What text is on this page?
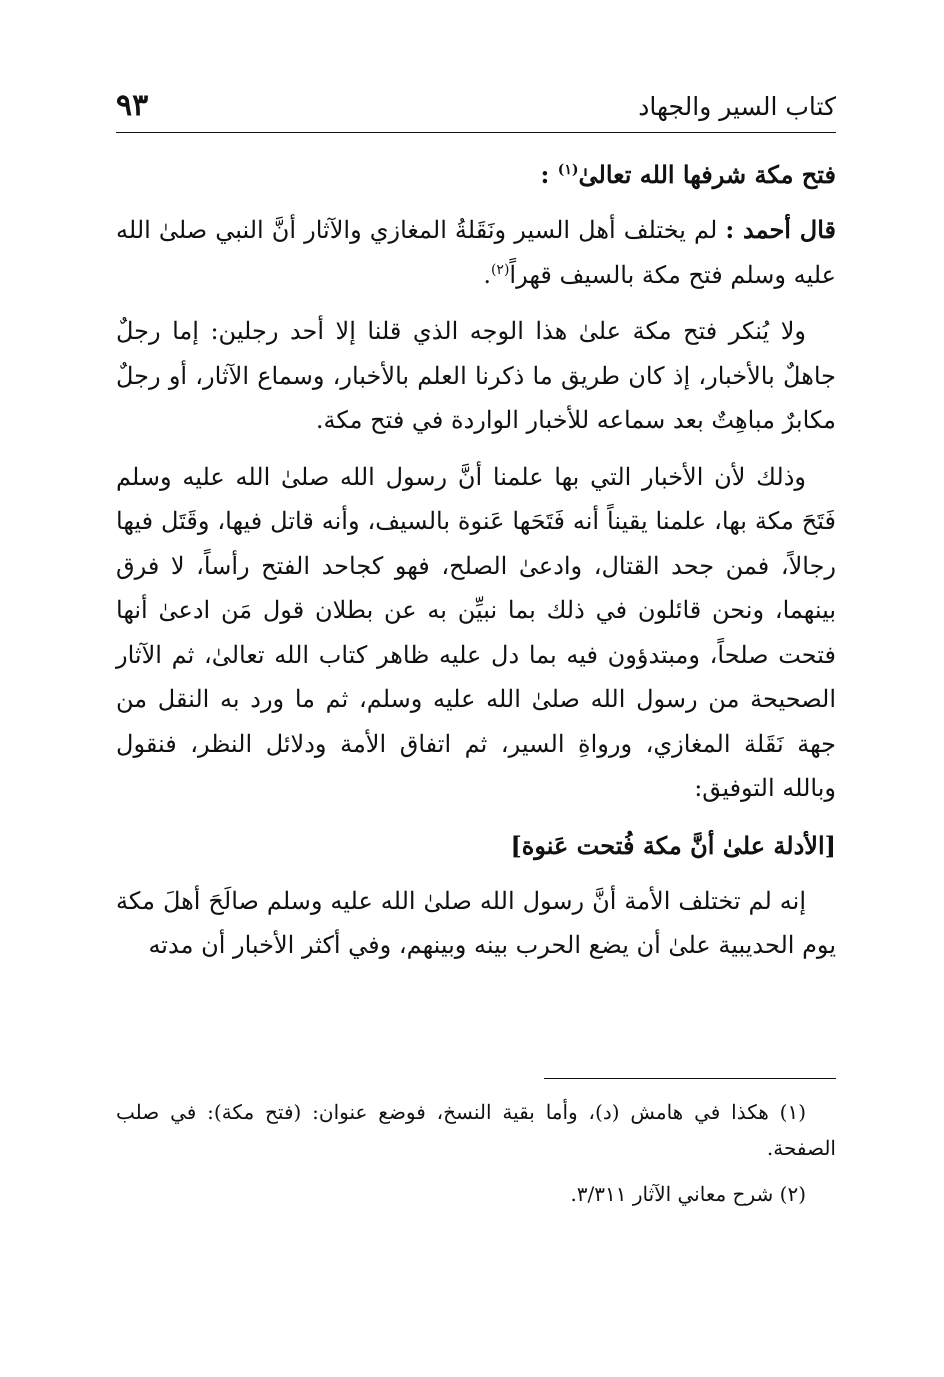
كتاب السير والجهاد
٩٣
فتح مكة شرفها الله تعالىٰ$^{(١)}$ :

قال أحمد : لم يختلف أهل السير ونَقَلةُ المغازي والآثار أنَّ النبي صلىٰ الله عليه وسلم فتح مكة بالسيف قهراً$^{(٢)}$.

ولا يُنكر فتح مكة علىٰ هذا الوجه الذي قلنا إلا أحد رجلين: إما رجلٌ جاهلٌ بالأخبار، إذ كان طريق ما ذكرنا العلم بالأخبار، وسماع الآثار، أو رجلٌ مكابرٌ مباهِتٌ بعد سماعه للأخبار الواردة في فتح مكة.

وذلك لأن الأخبار التي بها علمنا أنَّ رسول الله صلىٰ الله عليه وسلم فَتَحَ مكة بها، علمنا يقيناً أنه فَتَحَها عَنوة بالسيف، وأنه قاتل فيها، وقَتَل فيها رجالاً، فمن جحد القتال، وادعىٰ الصلح، فهو كجاحد الفتح رأساً، لا فرق بينهما، ونحن قائلون في ذلك بما نبيِّن به عن بطلان قول مَن ادعىٰ أنها فتحت صلحاً، ومبتدؤون فيه بما دل عليه ظاهر كتاب الله تعالىٰ، ثم الآثار الصحيحة من رسول الله صلىٰ الله عليه وسلم، ثم ما ورد به النقل من جهة نَقَلة المغازي، ورواةِ السير، ثم اتفاق الأمة ودلائل النظر، فنقول وبالله التوفيق:

[الأدلة علىٰ أنَّ مكة فُتحت عَنوة]

إنه لم تختلف الأمة أنَّ رسول الله صلىٰ الله عليه وسلم صالَحَ أهلَ مكة يوم الحديبية علىٰ أن يضع الحرب بينه وبينهم، وفي أكثر الأخبار أن مدته

(١) هكذا في هامش (د)، وأما بقية النسخ، فوضع عنوان: (فتح مكة): في صلب الصفحة.

(٢) شرح معاني الآثار ٣/٣١١.
